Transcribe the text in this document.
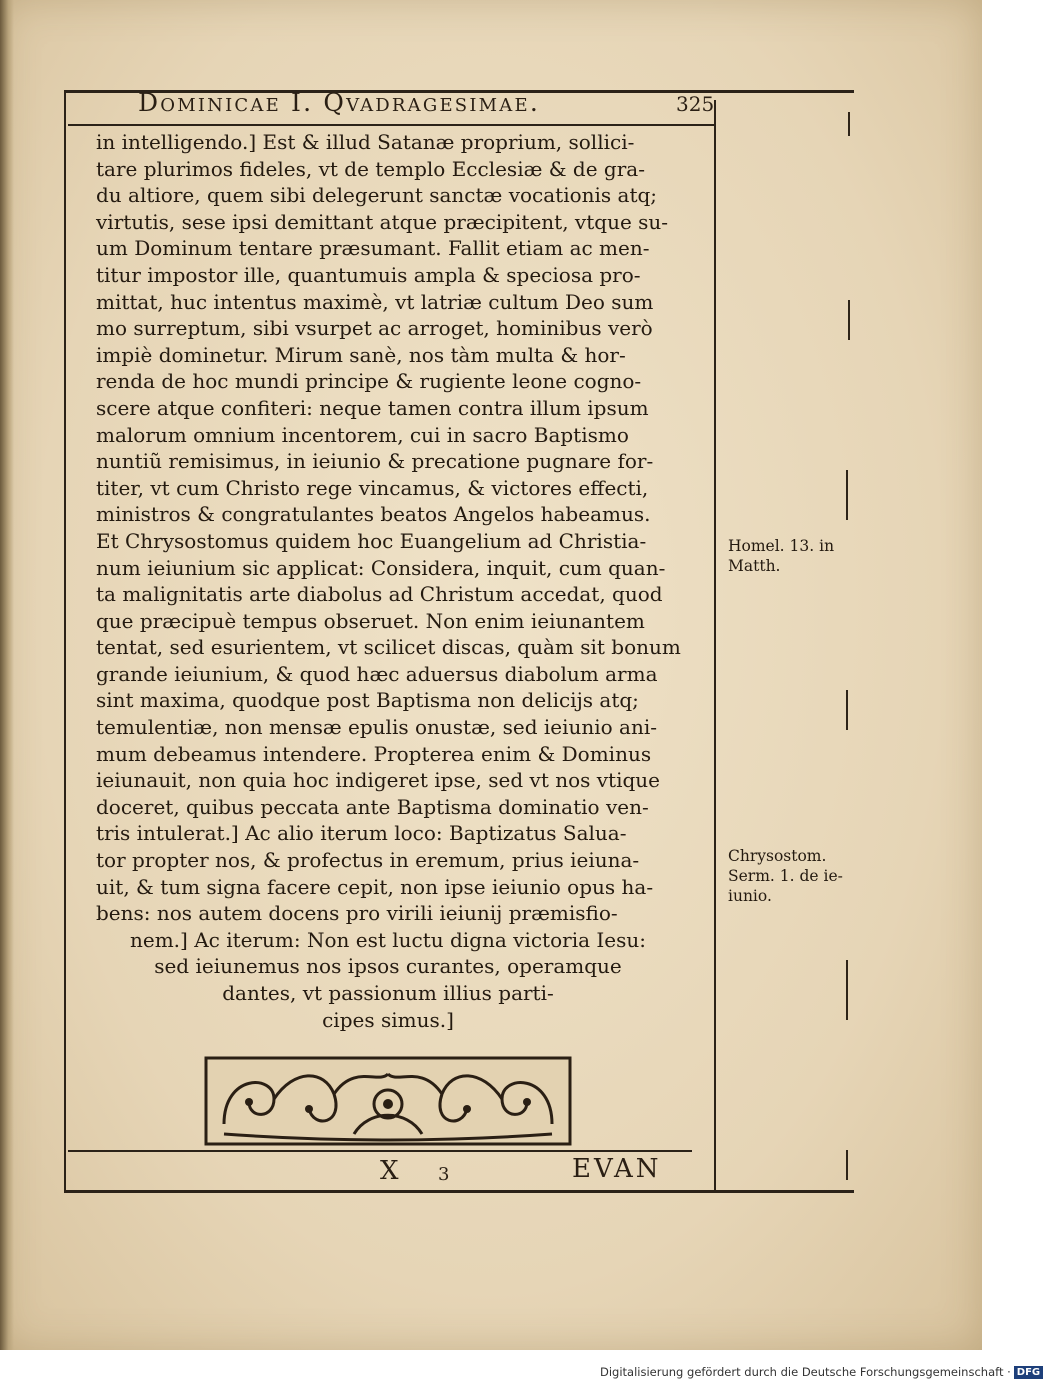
Dominicae I. Qvadragesimae.	325
in intelligendo.] Est & illud Satanæ proprium, sollici-
tare plurimos fideles, vt de templo Ecclesiæ & de gra-
du altiore, quem sibi delegerunt sanctæ vocationis atq;
virtutis, sese ipsi demittant atque præcipitent, vtque su-
um Dominum tentare præsumant. Fallit etiam ac men-
titur impostor ille, quantumuis ampla & speciosa pro-
mittat, huc intentus maximè, vt latriæ cultum Deo sum
mo surreptum, sibi vsurpet ac arroget, hominibus verò
impiè dominetur. Mirum sanè, nos tàm multa & hor-
renda de hoc mundi principe & rugiente leone cogno-
scere atque confiteri: neque tamen contra illum ipsum
malorum omnium incentorem, cui in sacro Baptismo
nuntiũ remisimus, in ieiunio & precatione pugnare for-
titer, vt cum Christo rege vincamus, & victores effecti,
ministros & congratulantes beatos Angelos habeamus.
Et Chrysostomus quidem hoc Euangelium ad Christia-
num ieiunium sic applicat: Considera, inquit, cum quan-
ta malignitatis arte diabolus ad Christum accedat, quod
que præcipuè tempus obseruet. Non enim ieiunantem
tentat, sed esurientem, vt scilicet discas, quàm sit bonum
grande ieiunium, & quod hæc aduersus diabolum arma
sint maxima, quodque post Baptisma non delicijs atq;
temulentiæ, non mensæ epulis onustæ, sed ieiunio ani-
mum debeamus intendere. Propterea enim & Dominus
ieiunauit, non quia hoc indigeret ipse, sed vt nos vtique
doceret, quibus peccata ante Baptisma dominatio ven-
tris intulerat.] Ac alio iterum loco: Baptizatus Salua-
tor propter nos, & profectus in eremum, prius ieiuna-
uit, & tum signa facere cepit, non ipse ieiunio opus ha-
bens: nos autem docens pro virili ieiunij præmisfio-
nem.] Ac iterum: Non est luctu digna victoria Iesu:
sed ieiunemus nos ipsos curantes, operamque
dantes, vt passionum illius parti-
cipes simus.]
Homel. 13. in
Matth.
Chrysostom.
Serm. 1. de ie-
iunio.
X 3	EVAN
Digitalisierung gefördert durch die Deutsche Forschungsgemeinschaft · DFG
